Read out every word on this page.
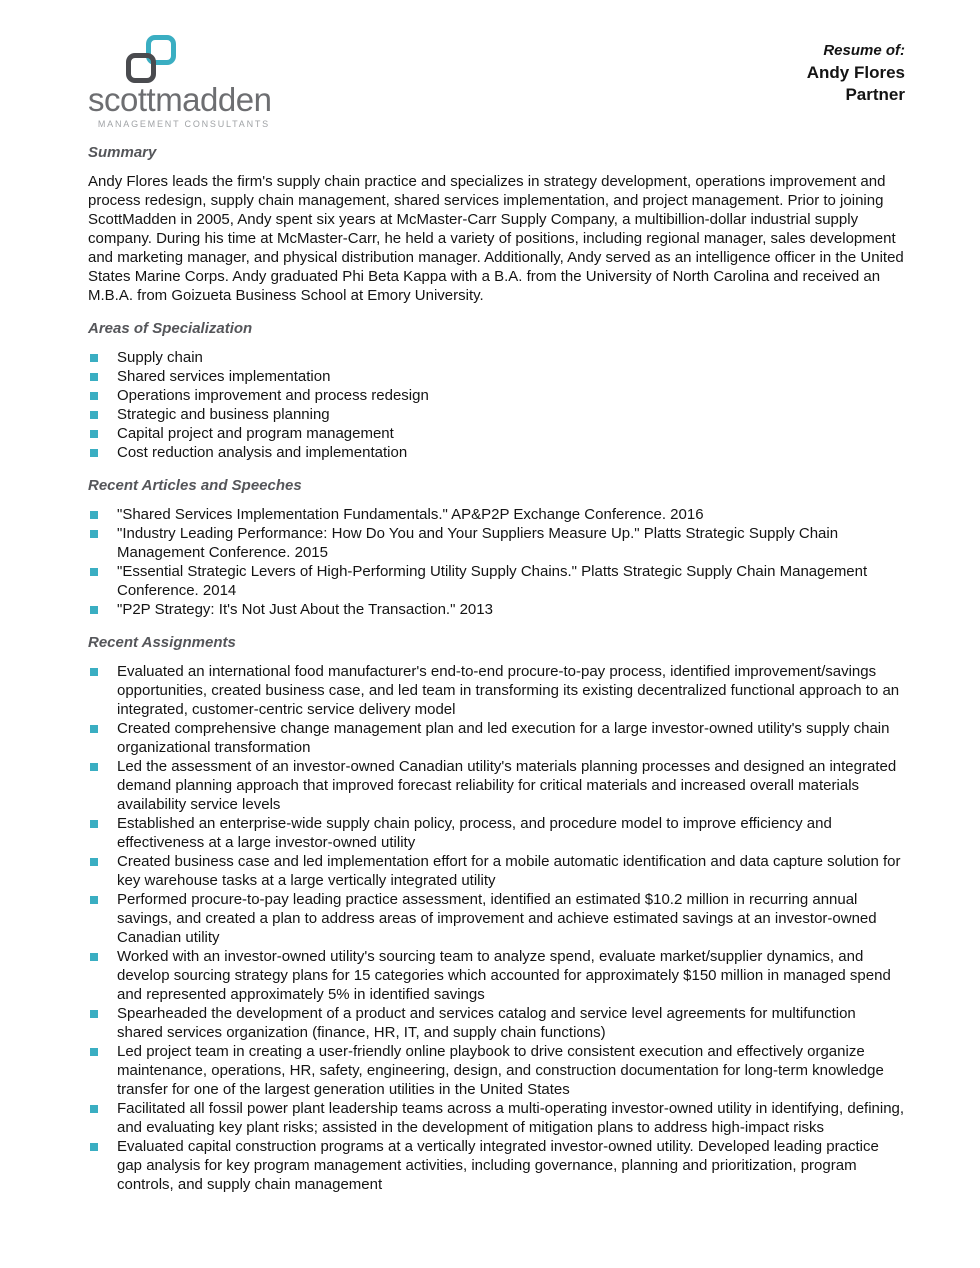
scottmadden
MANAGEMENT CONSULTANTS
Resume of:
Andy Flores
Partner
Summary

Andy Flores leads the firm's supply chain practice and specializes in strategy development, operations improvement and process redesign, supply chain management, shared services implementation, and project management. Prior to joining ScottMadden in 2005, Andy spent six years at McMaster-Carr Supply Company, a multibillion-dollar industrial supply company. During his time at McMaster-Carr, he held a variety of positions, including regional manager, sales development and marketing manager, and physical distribution manager. Additionally, Andy served as an intelligence officer in the United States Marine Corps. Andy graduated Phi Beta Kappa with a B.A. from the University of North Carolina and received an M.B.A. from Goizueta Business School at Emory University.

Areas of Specialization
Supply chain
Shared services implementation
Operations improvement and process redesign
Strategic and business planning
Capital project and program management
Cost reduction analysis and implementation
Recent Articles and Speeches
"Shared Services Implementation Fundamentals." AP&P2P Exchange Conference. 2016
"Industry Leading Performance: How Do You and Your Suppliers Measure Up." Platts Strategic Supply Chain Management Conference. 2015
"Essential Strategic Levers of High-Performing Utility Supply Chains." Platts Strategic Supply Chain Management Conference. 2014
"P2P Strategy: It's Not Just About the Transaction." 2013
Recent Assignments
Evaluated an international food manufacturer's end-to-end procure-to-pay process, identified improvement/savings opportunities, created business case, and led team in transforming its existing decentralized functional approach to an integrated, customer-centric service delivery model
Created comprehensive change management plan and led execution for a large investor-owned utility's supply chain organizational transformation
Led the assessment of an investor-owned Canadian utility's materials planning processes and designed an integrated demand planning approach that improved forecast reliability for critical materials and increased overall materials availability service levels
Established an enterprise-wide supply chain policy, process, and procedure model to improve efficiency and effectiveness at a large investor-owned utility
Created business case and led implementation effort for a mobile automatic identification and data capture solution for key warehouse tasks at a large vertically integrated utility
Performed procure-to-pay leading practice assessment, identified an estimated $10.2 million in recurring annual savings, and created a plan to address areas of improvement and achieve estimated savings at an investor-owned Canadian utility
Worked with an investor-owned utility's sourcing team to analyze spend, evaluate market/supplier dynamics, and develop sourcing strategy plans for 15 categories which accounted for approximately $150 million in managed spend and represented approximately 5% in identified savings
Spearheaded the development of a product and services catalog and service level agreements for multifunction shared services organization (finance, HR, IT, and supply chain functions)
Led project team in creating a user-friendly online playbook to drive consistent execution and effectively organize maintenance, operations, HR, safety, engineering, design, and construction documentation for long-term knowledge transfer for one of the largest generation utilities in the United States
Facilitated all fossil power plant leadership teams across a multi-operating investor-owned utility in identifying, defining, and evaluating key plant risks; assisted in the development of mitigation plans to address high-impact risks
Evaluated capital construction programs at a vertically integrated investor-owned utility. Developed leading practice gap analysis for key program management activities, including governance, planning and prioritization, program controls, and supply chain management
